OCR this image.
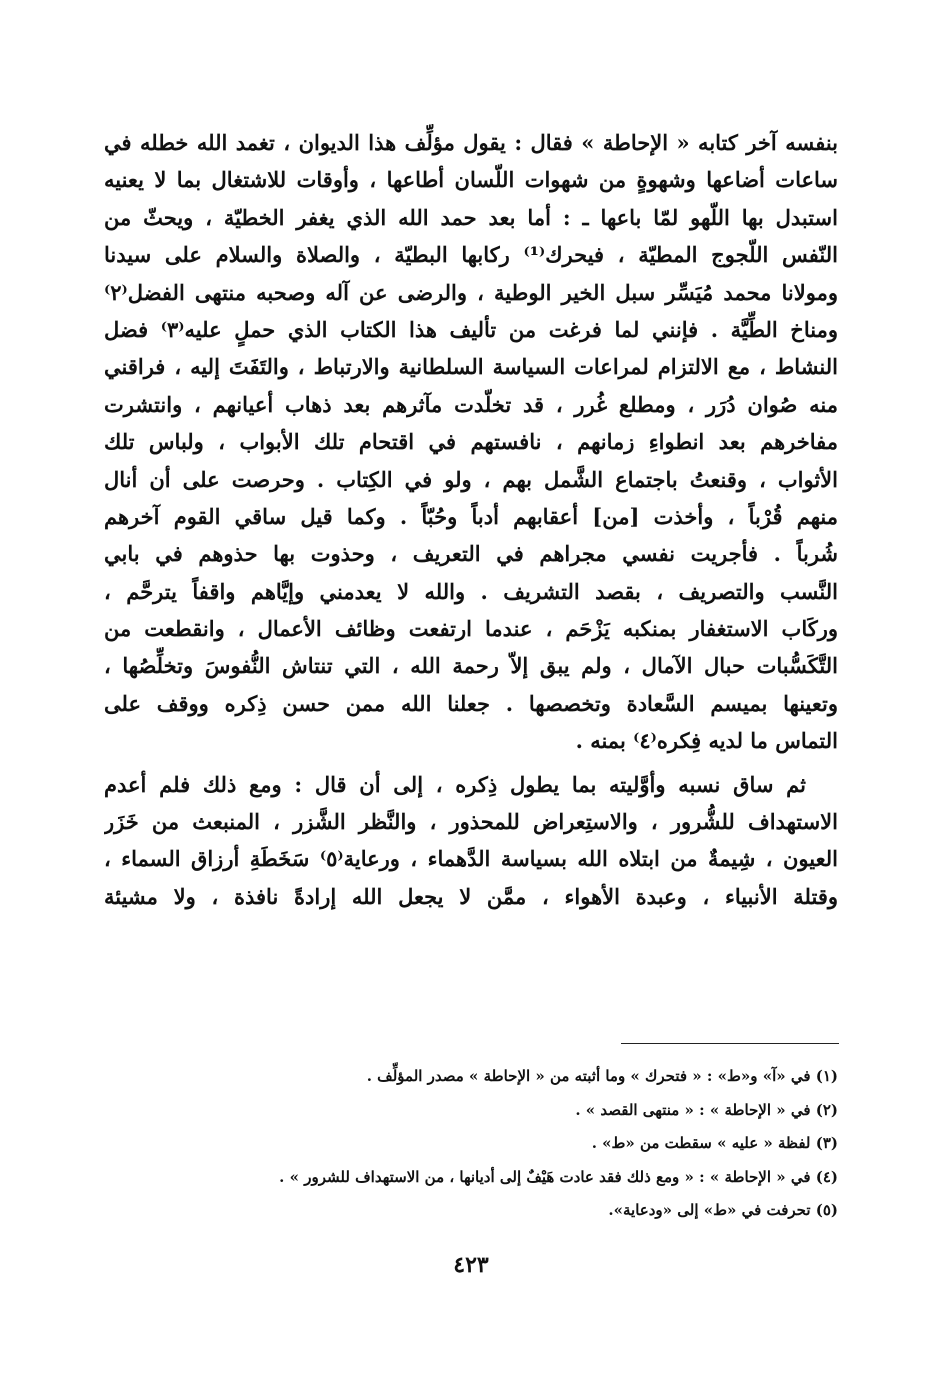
بنفسه آخر كتابه « الإحاطة » فقال : يقول مؤلِّف هذا الديوان ، تغمد الله خطله في
ساعات أضاعها وشهوةٍ من شهوات اللّسان أطاعها ، وأوقات للاشتغال بما لا يعنيه
استبدل بها اللّهو لمّا باعها ـ : أما بعد حمد الله الذي يغفر الخطيّة ، ويحثّ من
النّفس اللّجوج المطيّة ، فيحرك⁽¹⁾ ركابها البطيّة ، والصلاة والسلام على سيدنا
ومولانا محمد مُيَسِّر سبل الخير الوطية ، والرضى عن آله وصحبه منتهى الفضل⁽٢⁾
ومناخ الطِّيَّة . فإنني لما فرغت من تأليف هذا الكتاب الذي حملٍ عليه⁽٣⁾ فضل
النشاط ، مع الالتزام لمراعات السياسة السلطانية والارتباط ، والتَفَتَ إليه ، فراقني
منه صُوان دُرَر ، ومطلع غُرر ، قد تخلّدت مآثرهم بعد ذهاب أعيانهم ، وانتشرت
مفاخرهم بعد انطواءِ زمانهم ، نافستهم في اقتحام تلك الأبواب ، ولباس تلك
الأثواب ، وقنعتُ باجتماع الشَّمل بهم ، ولو في الكِتاب . وحرصت على أن أنال
منهم قُرْباً ، وأخذت [من] أعقابهم أدباً وحُبّاً . وكما قيل ساقي القوم آخرهم
شُرباً . فأجريت نفسي مجراهم في التعريف ، وحذوت بها حذوهم في بابي
النَّسب والتصريف ، بقصد التشريف . والله لا يعدمني وإيَّاهم واقفاً يترحَّم ،
وركَاب الاستغفار بمنكبه يَزْحَم ، عندما ارتفعت وظائف الأعمال ، وانقطعت من
التَّكَسُّبات حبال الآمال ، ولم يبق إلاّ رحمة الله ، التي تنتاش النُّفوسَ وتخلِّصُها ،
وتعينها بميسم السَّعادة وتخصصها . جعلنا الله ممن حسن ذِكره ووقف على
التماس ما لديه فِكره⁽٤⁾ بمنه .
ثم ساق نسبه وأوَّليته بما يطول ذِكره ، إلى أن قال : ومع ذلك فلم أعدم
الاستهداف للشُّرور ، والاستِعراض للمحذور ، والنَّظر الشَّزر ، المنبعث من خَزَر
العيون ، شِيمةٌ من ابتلاه الله بسياسة الدَّهماء ، ورعاية⁽٥⁾ سَخَطَةِ أرزاق السماء ،
وقتلة الأنبياء ، وعبدة الأهواء ، ممَّن لا يجعل الله إرادةً نافذة ، ولا مشيئة
(١) في «آ» و«ط» : « فتحرك » وما أثبته من « الإحاطة » مصدر المؤلِّف .
(٢) في « الإحاطة » : « منتهى القصد » .
(٣) لفظة « عليه » سقطت من «ط» .
(٤) في « الإحاطة » : « ومع ذلك فقد عادت هَيْفٌ إلى أديانها ، من الاستهداف للشرور » .
(٥) تحرفت في «ط» إلى «ودعاية».
٤٢٣
